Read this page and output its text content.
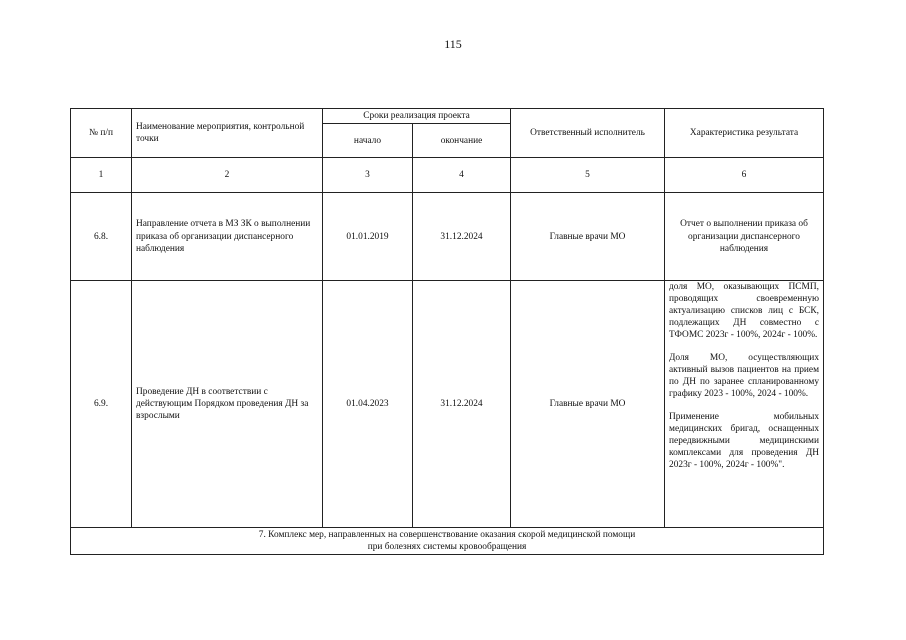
115
№ п/п	Наименование мероприятия, контрольной точки	Сроки реализация проекта		Ответственный исполнитель	Характеристика результата
		начало	окончание		
1	2	3	4	5	6
6.8.	Направление отчета в МЗ ЗК о выполнении приказа об организации диспансерного наблюдения	01.01.2019	31.12.2024	Главные врачи МО	Отчет о выполнении приказа об организации диспансерного наблюдения
6.9.	Проведение ДН в соответствии с действующим Порядком проведения ДН за взрослыми	01.04.2023	31.12.2024	Главные врачи МО	доля МО, оказывающих ПСМП, проводящих своевременную актуализацию списков лиц с БСК, подлежащих ДН совместно с ТФОМС 2023г - 100%, 2024г - 100%.
Доля МО, осуществляющих активный вызов пациентов на прием по ДН по заранее спланированному графику 2023 - 100%, 2024 - 100%.
Применение мобильных медицинских бригад, оснащенных передвижными медицинскими комплексами для проведения ДН 2023г - 100%, 2024г - 100%".

7. Комплекс мер, направленных на совершенствование оказания скорой медицинской помощи
при болезнях системы кровообращения					
